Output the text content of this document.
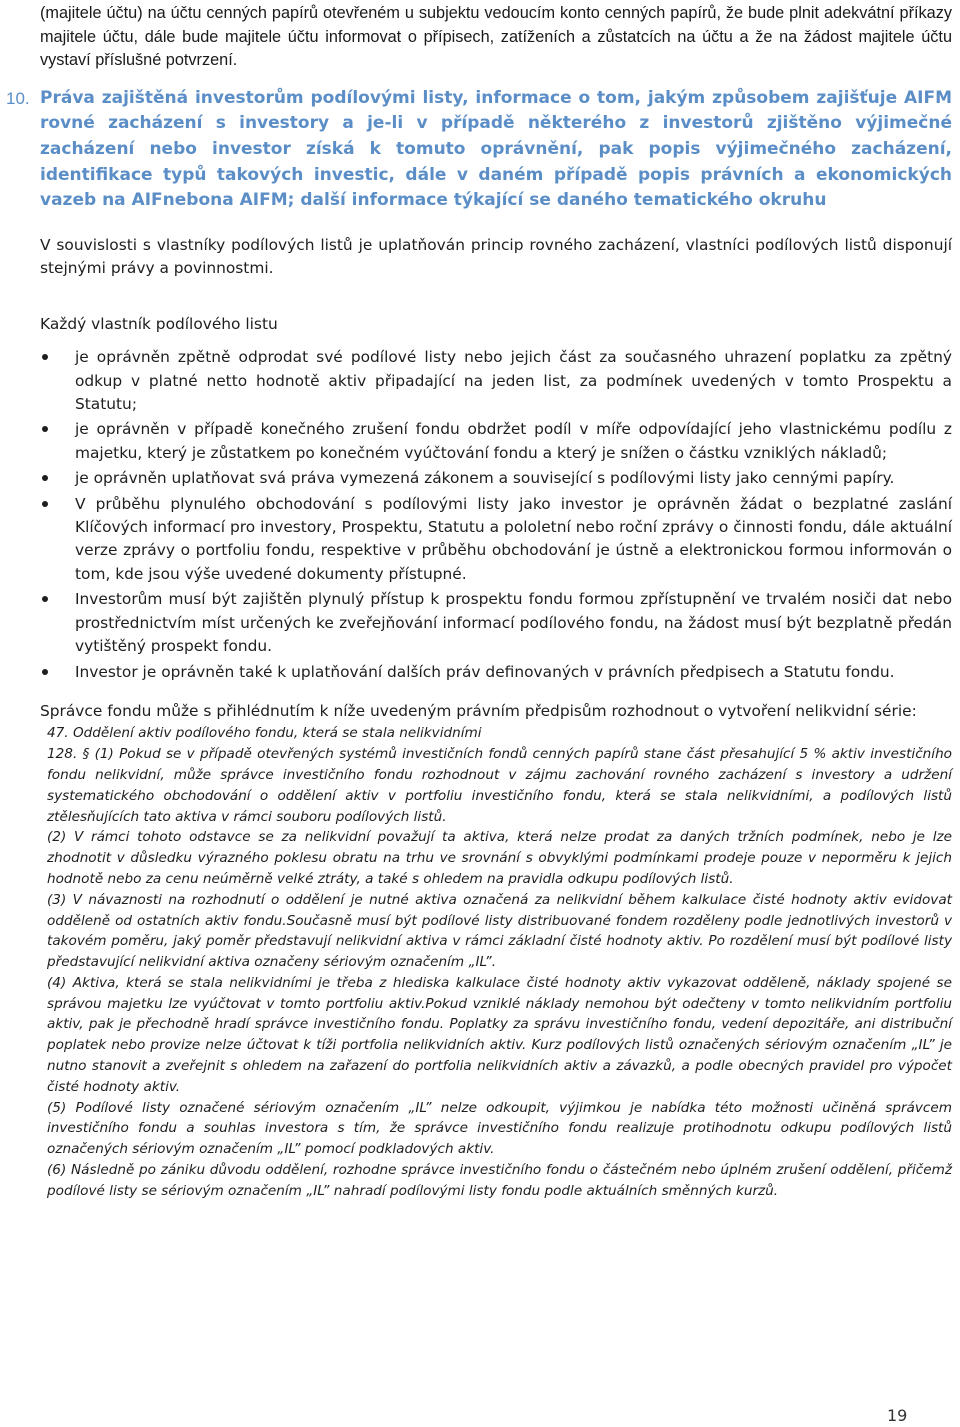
(majitele účtu) na účtu cenných papírů otevřeném u subjektu vedoucím konto cenných papírů, že bude plnit adekvátní příkazy majitele účtu, dále bude majitele účtu informovat o přípisech, zatíženích a zůstatcích na účtu a že na žádost majitele účtu vystaví příslušné potvrzení.

10. Práva zajištěná investorům podílovými listy, informace o tom, jakým způsobem zajišťuje AIFM rovné zacházení s investory a je-li v případě některého z investorů zjištěno výjimečné zacházení nebo investor získá k tomuto oprávnění, pak popis výjimečného zacházení, identifikace typů takových investic, dále v daném případě popis právních a ekonomických vazeb na AIFnebona AIFM; další informace týkající se daného tematického okruhu

V souvislosti s vlastníky podílových listů je uplatňován princip rovného zacházení, vlastníci podílových listů disponují stejnými právy a povinnostmi.

Každý vlastník podílového listu

je oprávněn zpětně odprodat své podílové listy nebo jejich část za současného uhrazení poplatku za zpětný odkup v platné netto hodnotě aktiv připadající na jeden list, za podmínek uvedených v tomto Prospektu a Statutu;
je oprávněn v případě konečného zrušení fondu obdržet podíl v míře odpovídající jeho vlastnickému podílu z majetku, který je zůstatkem po konečném vyúčtování fondu a který je snížen o částku vzniklých nákladů;
je oprávněn uplatňovat svá práva vymezená zákonem a související s podílovými listy jako cennými papíry.
V průběhu plynulého obchodování s podílovými listy jako investor je oprávněn žádat o bezplatné zaslání Klíčových informací pro investory, Prospektu, Statutu a pololetní nebo roční zprávy o činnosti fondu, dále aktuální verze zprávy o portfoliu fondu, respektive v průběhu obchodování je ústně a elektronickou formou informován o tom, kde jsou výše uvedené dokumenty přístupné.
Investorům musí být zajištěn plynulý přístup k prospektu fondu formou zpřístupnění ve trvalém nosiči dat nebo prostřednictvím míst určených ke zveřejňování informací podílového fondu, na žádost musí být bezplatně předán vytištěný prospekt fondu.
Investor je oprávněn také k uplatňování dalších práv definovaných v právních předpisech a Statutu fondu.

Správce fondu může s přihlédnutím k níže uvedeným právním předpisům rozhodnout o vytvoření nelikvidní série:

47. Oddělení aktiv podílového fondu, která se stala nelikvidními

128. § (1) Pokud se v případě otevřených systémů investičních fondů cenných papírů stane část přesahující 5 % aktiv investičního fondu nelikvidní, může správce investičního fondu rozhodnout v zájmu zachování rovného zacházení s investory a udržení systematického obchodování o oddělení aktiv v portfoliu investičního fondu, která se stala nelikvidními, a podílových listů ztělesňujících tato aktiva v rámci souboru podílových listů.

(2) V rámci tohoto odstavce se za nelikvidní považují ta aktiva, která nelze prodat za daných tržních podmínek, nebo je lze zhodnotit v důsledku výrazného poklesu obratu na trhu ve srovnání s obvyklými podmínkami prodeje pouze v neporměru k jejich hodnotě nebo za cenu neúměrně velké ztráty, a také s ohledem na pravidla odkupu podílových listů.

(3) V návaznosti na rozhodnutí o oddělení je nutné aktiva označená za nelikvidní během kalkulace čisté hodnoty aktiv evidovat odděleně od ostatních aktiv fondu.Současně musí být podílové listy distribuované fondem rozděleny podle jednotlivých investorů v takovém poměru, jaký poměr představují nelikvidní aktiva v rámci základní čisté hodnoty aktiv. Po rozdělení musí být podílové listy představující nelikvidní aktiva označeny sériovým označením „IL”.

(4) Aktiva, která se stala nelikvidními je třeba z hlediska kalkulace čisté hodnoty aktiv vykazovat odděleně, náklady spojené se správou majetku lze vyúčtovat v tomto portfoliu aktiv.Pokud vzniklé náklady nemohou být odečteny v tomto nelikvidním portfoliu aktiv, pak je přechodně hradí správce investičního fondu. Poplatky za správu investičního fondu, vedení depozitáře, ani distribuční poplatek nebo provize nelze účtovat k tíži portfolia nelikvidních aktiv. Kurz podílových listů označených sériovým označením „IL” je nutno stanovit a zveřejnit s ohledem na zařazení do portfolia nelikvidních aktiv a závazků, a podle obecných pravidel pro výpočet čisté hodnoty aktiv.

(5) Podílové listy označené sériovým označením „IL” nelze odkoupit, výjimkou je nabídka této možnosti učiněná správcem investičního fondu a souhlas investora s tím, že správce investičního fondu realizuje protihodnotu odkupu podílových listů označených sériovým označením „IL” pomocí podkladových aktiv.

(6) Následně po zániku důvodu oddělení, rozhodne správce investičního fondu o částečném nebo úplném zrušení oddělení, přičemž podílové listy se sériovým označením „IL” nahradí podílovými listy fondu podle aktuálních směnných kurzů.

19
